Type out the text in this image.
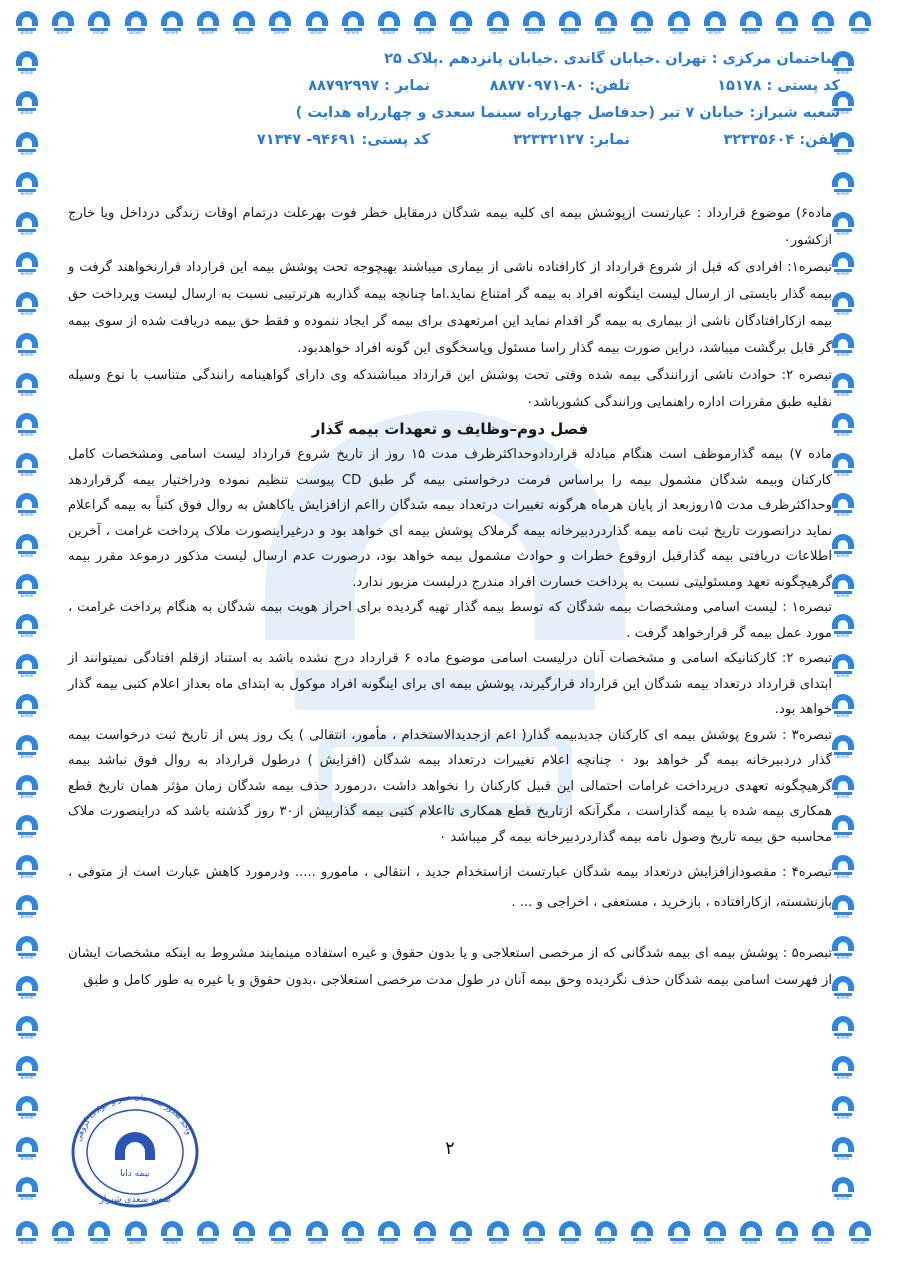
Bimeh	Bimeh	Bimeh	Bimeh	Bimeh	Bimeh	Bimeh	Bimeh	Bimeh	Bimeh	Bimeh	Bimeh	Bimeh	Bimeh	Bimeh	Bimeh	Bimeh	Bimeh	Bimeh	Bimeh	Bimeh	Bimeh	Bimeh	Bimeh
Bimeh	Bimeh
Bimeh	Bimeh
Bimeh	Bimeh
Bimeh	Bimeh
Bimeh	Bimeh
Bimeh	Bimeh
Bimeh	Bimeh
Bimeh	Bimeh
Bimeh	Bimeh
Bimeh	Bimeh
Bimeh	Bimeh
Bimeh	Bimeh
Bimeh	Bimeh
Bimeh	Bimeh
Bimeh	Bimeh
Bimeh	Bimeh
Bimeh	Bimeh
Bimeh	Bimeh
Bimeh	Bimeh
Bimeh	Bimeh
Bimeh	Bimeh
Bimeh	Bimeh
Bimeh	Bimeh
Bimeh	Bimeh
Bimeh	Bimeh
Bimeh	Bimeh
Bimeh	Bimeh
Bimeh	Bimeh
Bimeh	Bimeh
Bimeh	Bimeh	Bimeh	Bimeh	Bimeh	Bimeh	Bimeh	Bimeh	Bimeh	Bimeh	Bimeh	Bimeh	Bimeh	Bimeh	Bimeh	Bimeh	Bimeh	Bimeh	Bimeh	Bimeh	Bimeh	Bimeh	Bimeh	Bimeh
ساختمان مرکزی : تهران .خیابان گاندی .خیابان پانزدهم .پلاک ۲۵
کد پستی : ۱۵۱۷۸
تلفن: ۸۰-۸۸۷۷۰۹۷۱
نمابر : ۸۸۷۹۲۹۹۷
شعبه شیراز: خیابان ۷ تیر (حدفاصل چهارراه سینما سعدی و چهارراه هدایت )
تلفن: ۳۲۳۳۵۶۰۴
نمابر: ۳۲۳۳۲۱۲۷
کد پستی: ۹۴۶۹۱- ۷۱۳۴۷

ماده۶) موضوع قرارداد : عبارتست ازپوشش بیمه ای کلیه بیمه شدگان درمقابل خطر فوت بهرعلت درتمام اوقات زندگی درداخل ویا خارج ازکشور۰

تبصره۱: افرادی که قبل از شروع قرارداد از کارافتاده ناشی از بیماری میباشند بهیچوجه تحت پوشش بیمه این قرارداد قرارنخواهند گرفت و بیمه گذار بایستی از ارسال لیست اینگونه افراد به بیمه گر امتناع نماید.اما چنانچه بیمه گذاربه هرترتیبی نسبت به ارسال لیست وپرداخت حق بیمه ازکارافتادگان ناشی از بیماری به بیمه گر اقدام نماید این امرتعهدی برای بیمه گر ایجاد ننموده و فقط حق بیمه دریافت شده از سوی بیمه گر قابل برگشت میباشد، دراین صورت بیمه گذار راسا مسئول وپاسخگوی این گونه افراد خواهدبود.

تبصره ۲: حوادث ناشی ازرانندگی بیمه شده وقتی تحت پوشش این قرارداد میباشندکه وی دارای گواهینامه رانندگی متناسب با نوع وسیله نقلیه طبق مقررات اداره راهنمایی ورانندگی کشورباشد۰

فصل دوم–وظایف و تعهدات بیمه گذار

ماده ۷) بیمه گذارموظف است هنگام مبادله قراردادوحداکثرظرف مدت ۱۵ روز از تاریخ شروع قرارداد لیست اسامی ومشخصات کامل کارکنان وبیمه شدگان مشمول بیمه را براساس فرمت درخواستی بیمه گر طبق CD پیوست تنظیم نموده ودراختیار بیمه گرقراردهد وحداکثرظرف مدت ۱۵روزبعد از پایان هرماه هرگونه تغییرات درتعداد بیمه شدگان رااعم ازافزایش یاکاهش به روال فوق کتباً به بیمه گراعلام نماید درانصورت تاریخ ثبت نامه بیمه گذاردردبیرخانه بیمه گرملاک پوشش بیمه ای خواهد بود و درغیراینصورت ملاک پرداخت غرامت ، آخرین اطلاعات دریافتی بیمه گذارقبل ازوقوع خطرات و حوادث مشمول بیمه خواهد بود، درصورت عدم ارسال لیست مذکور درموعد مقرر بیمه گرهیچگونه تعهد ومسئولیتی نسبت به پرداخت خسارت افراد مندرج درلیست مزبور ندارد.

تبصره۱ : لیست اسامی ومشخصات بیمه شدگان که توسط بیمه گذار تهیه گردیده برای احراز هویت بیمه شدگان به هنگام پرداخت غرامت ، مورد عمل بیمه گر قرارخواهد گرفت .

تبصره ۲: کارکنانیکه اسامی و مشخصات آنان درلیست اسامی موضوع ماده ۶ قرارداد درج نشده باشد به استناد ازقلم افتادگی نمیتوانند از ابتدای قرارداد درتعداد بیمه شدگان این قرارداد قرارگیرند، پوشش بیمه ای برای اینگونه افراد موکول به ابتدای ماه بعداز اعلام کتبی بیمه گذار خواهد بود.

تبصره۳ : شروع پوشش بیمه ای کارکنان جدیدبیمه گذار( اعم ازجدیدالاستخدام ، مأمور، انتقالی ) یک روز پس از تاریخ ثبت درخواست بیمه گذار دردبیرخانه بیمه گر خواهد بود ۰ چنانچه اعلام تغییرات درتعداد بیمه شدگان (افزایش ) درطول قرارداد به روال فوق نباشد بیمه گرهیچگونه تعهدی درپرداخت غرامات احتمالی این قبیل کارکنان را نخواهد داشت ،درمورد حذف بیمه شدگان زمان مؤثر همان تاریخ قطع همکاری بیمه شده با بیمه گذاراست ، مگرآنکه ازتاریخ قطع همکاری تااعلام کتبی بیمه گذاربیش از۳۰ روز گذشته باشد که دراینصورت ملاک محاسبه حق بیمه تاریخ وصول نامه بیمه گذاردردبیرخانه بیمه گر میباشد ۰

تبصره۴ : مقصودازافزایش درتعداد بیمه شدگان عبارتست ازاستخدام جدید ، انتقالی ، مامورو ..... ودرمورد کاهش عبارت است از متوفی ، بازنشسته، ازکارافتاده ، بازخرید ، مستعفی ، اخراجی و ... .

تبصره۵ : پوشش بیمه ای بیمه شدگانی که از مرخصی استعلاجی و یا بدون حقوق و غیره استفاده مینمایند مشروط به اینکه مشخصات ایشان از فهرست اسامی بیمه شدگان حذف نگردیده وحق بیمه آنان در طول مدت مرخصی استعلاجی ،بدون حقوق و یا غیره به طور کامل و طبق

واحد صدور بیمه های عمر و حوادث گروهی
بیمه دانا
شعبه سعدی شیراز
۲
